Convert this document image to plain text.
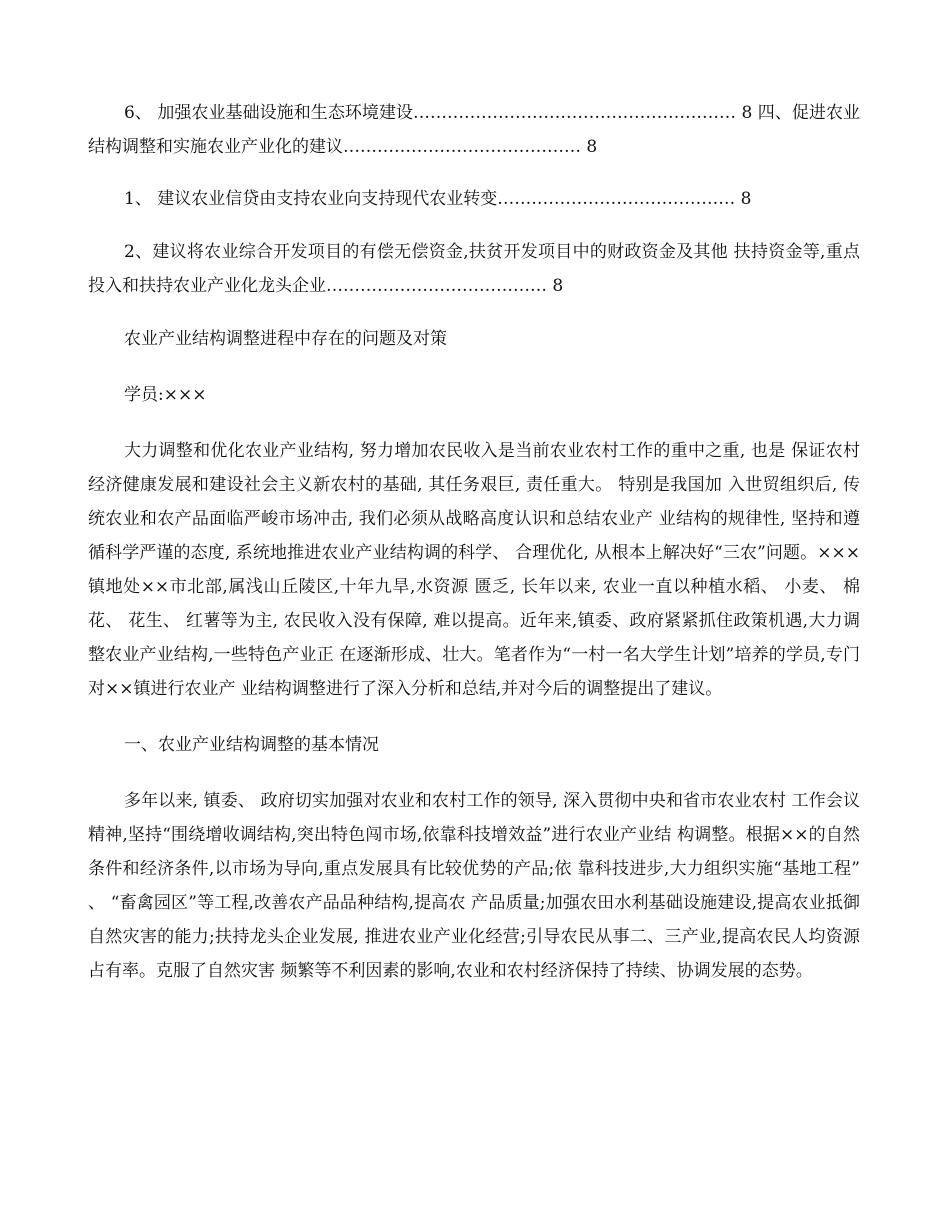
6、 加强农业基础设施和生态环境建设………………………………………………… 8 四、促进农业结构调整和实施农业产业化的建议…………………………………… 8

1、 建议农业信贷由支持农业向支持现代农业转变…………………………………… 8

2、建议将农业综合开发项目的有偿无偿资金,扶贫开发项目中的财政资金及其他 扶持资金等,重点投入和扶持农业产业化龙头企业………………………………… 8

农业产业结构调整进程中存在的问题及对策

学员:×××

大力调整和优化农业产业结构, 努力增加农民收入是当前农业农村工作的重中之重, 也是 保证农村经济健康发展和建设社会主义新农村的基础, 其任务艰巨, 责任重大。 特别是我国加 入世贸组织后, 传统农业和农产品面临严峻市场冲击, 我们必须从战略高度认识和总结农业产 业结构的规律性, 坚持和遵循科学严谨的态度, 系统地推进农业产业结构调的科学、 合理优化, 从根本上解决好“三农”问题。×××镇地处××市北部,属浅山丘陵区,十年九旱,水资源 匮乏, 长年以来, 农业一直以种植水稻、 小麦、 棉花、 花生、 红薯等为主, 农民收入没有保障, 难以提高。近年来,镇委、政府紧紧抓住政策机遇,大力调整农业产业结构,一些特色产业正 在逐渐形成、壮大。笔者作为“一村一名大学生计划”培养的学员,专门对××镇进行农业产 业结构调整进行了深入分析和总结,并对今后的调整提出了建议。

一、农业产业结构调整的基本情况

多年以来, 镇委、 政府切实加强对农业和农村工作的领导, 深入贯彻中央和省市农业农村 工作会议精神,坚持“围绕增收调结构,突出特色闯市场,依靠科技增效益”进行农业产业结 构调整。根据××的自然条件和经济条件,以市场为导向,重点发展具有比较优势的产品;依 靠科技进步,大力组织实施“基地工程” 、 “畜禽园区”等工程,改善农产品品种结构,提高农 产品质量;加强农田水利基础设施建设,提高农业抵御自然灾害的能力;扶持龙头企业发展, 推进农业产业化经营;引导农民从事二、三产业,提高农民人均资源占有率。克服了自然灾害 频繁等不利因素的影响,农业和农村经济保持了持续、协调发展的态势。
